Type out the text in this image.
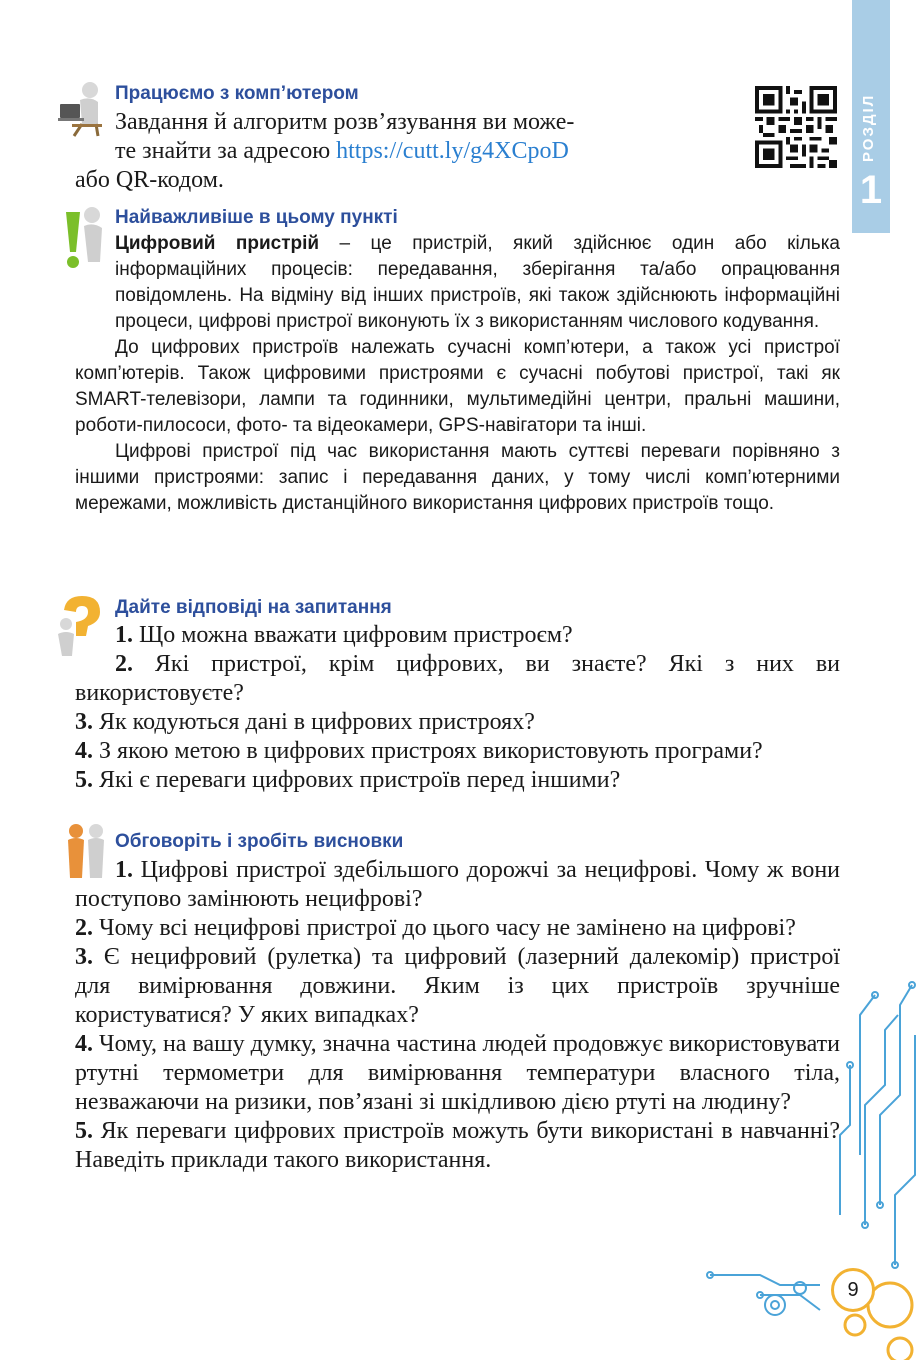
РОЗДІЛ
1
Працюємо з комп’ютером
Завдання й алгоритм розв’язування ви може-
те знайти за адресою https://cutt.ly/g4XCpoD
або QR-кодом.
Найважливіше в цьому пункті

Цифровий пристрій – це пристрій, який здійснює один або кілька інформаційних процесів: передавання, зберігання та/або опрацювання повідомлень. На відміну від інших пристроїв, які також здійснюють інформаційні процеси, цифрові пристрої виконують їх з використанням числового кодування.

До цифрових пристроїв належать сучасні комп’ютери, а також усі пристрої комп’ютерів. Також цифровими пристроями є сучасні побутові пристрої, такі як SMART-телевізори, лампи та годинники, мультимедійні центри, пральні машини, роботи-пилососи, фото- та відеокамери, GPS-навігатори та інші.

Цифрові пристрої під час використання мають суттєві переваги порівняно з іншими пристроями: запис і передавання даних, у тому числі комп’ютерними мережами, можливість дистанційного використання цифрових пристроїв тощо.

Дайте відповіді на запитання

1. Що можна вважати цифровим пристроєм?

2. Які пристрої, крім цифрових, ви знаєте? Які з них ви використовуєте?

3. Як кодуються дані в цифрових пристроях?

4. З якою метою в цифрових пристроях використовують програми?

5. Які є переваги цифрових пристроїв перед іншими?

Обговоріть і зробіть висновки

1. Цифрові пристрої здебільшого дорожчі за нецифрові. Чому ж вони поступово замінюють нецифрові?

2. Чому всі нецифрові пристрої до цього часу не замінено на цифрові?

3. Є нецифровий (рулетка) та цифровий (лазерний далекомір) пристрої для вимірювання довжини. Яким із цих пристроїв зручніше користуватися? У яких випадках?

4. Чому, на вашу думку, значна частина людей продовжує використовувати ртутні термометри для вимірювання температури власного тіла, незважаючи на ризики, пов’язані зі шкідливою дією ртуті на людину?

5. Як переваги цифрових пристроїв можуть бути використані в навчанні? Наведіть приклади такого використання.

9
